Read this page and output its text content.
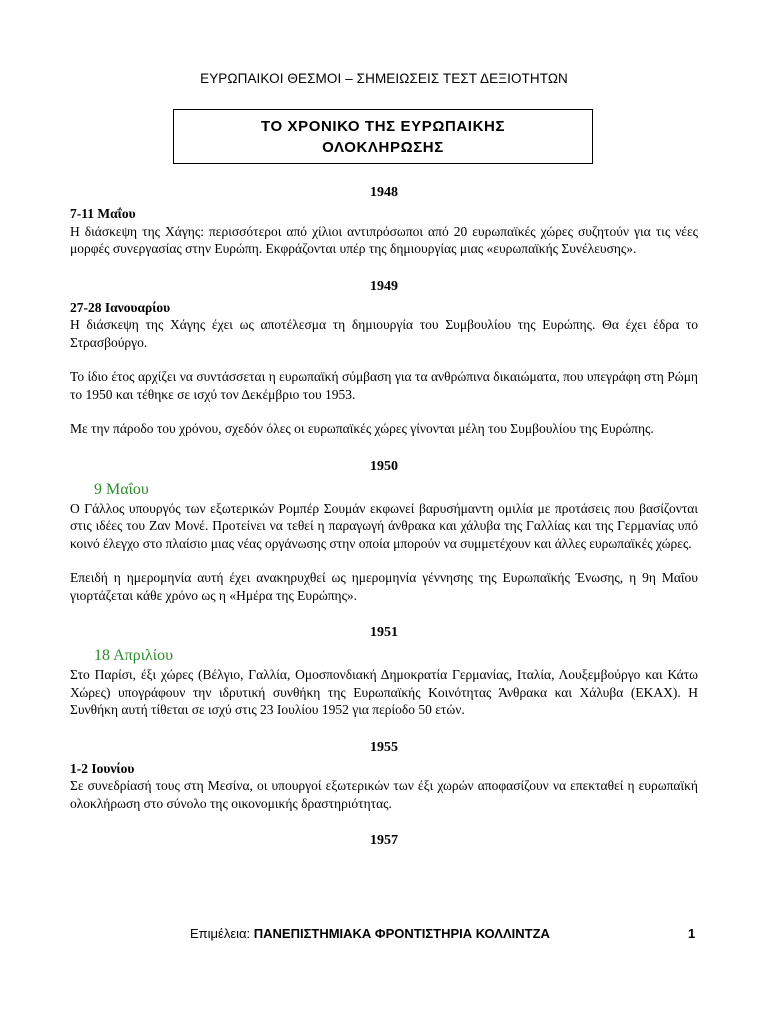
ΕΥΡΩΠΑΙΚΟΙ ΘΕΣΜΟΙ – ΣΗΜΕΙΩΣΕΙΣ ΤΕΣΤ ΔΕΞΙΟΤΗΤΩΝ
ΤΟ ΧΡΟΝΙΚΟ ΤΗΣ ΕΥΡΩΠΑΙΚΗΣ
ΟΛΟΚΛΗΡΩΣΗΣ
1948
7-11 Μαΐου

Η διάσκεψη της Χάγης: περισσότεροι από χίλιοι αντιπρόσωποι από 20 ευρωπαϊκές χώρες συζητούν για τις νέες μορφές συνεργασίας στην Ευρώπη. Εκφράζονται υπέρ της δημιουργίας μιας «ευρωπαϊκής Συνέλευσης».

1949
27-28 Ιανουαρίου

Η διάσκεψη της Χάγης έχει ως αποτέλεσμα τη δημιουργία του Συμβουλίου της Ευρώπης. Θα έχει έδρα το Στρασβούργο.

Το ίδιο έτος αρχίζει να συντάσσεται η ευρωπαϊκή σύμβαση για τα ανθρώπινα δικαιώματα, που υπεγράφη στη Ρώμη το 1950 και τέθηκε σε ισχύ τον Δεκέμβριο του 1953.

Με την πάροδο του χρόνου, σχεδόν όλες οι ευρωπαϊκές χώρες γίνονται μέλη του Συμβουλίου της Ευρώπης.

1950
9 Μαΐου

Ο Γάλλος υπουργός των εξωτερικών Ρομπέρ Σουμάν εκφωνεί βαρυσήμαντη ομιλία με προτάσεις που βασίζονται στις ιδέες του Ζαν Μονέ. Προτείνει να τεθεί η παραγωγή άνθρακα και χάλυβα της Γαλλίας και της Γερμανίας υπό κοινό έλεγχο στο πλαίσιο μιας νέας οργάνωσης στην οποία μπορούν να συμμετέχουν και άλλες ευρωπαϊκές χώρες.

Επειδή η ημερομηνία αυτή έχει ανακηρυχθεί ως ημερομηνία γέννησης της Ευρωπαϊκής Ένωσης, η 9η Μαΐου γιορτάζεται κάθε χρόνο ως η «Ημέρα της Ευρώπης».

1951
18 Απριλίου

Στο Παρίσι, έξι χώρες (Βέλγιο, Γαλλία, Ομοσπονδιακή Δημοκρατία Γερμανίας, Ιταλία, Λουξεμβούργο και Κάτω Χώρες) υπογράφουν την ιδρυτική συνθήκη της Ευρωπαϊκής Κοινότητας Άνθρακα και Χάλυβα (ΕΚΑΧ). Η Συνθήκη αυτή τίθεται σε ισχύ στις 23 Ιουλίου 1952 για περίοδο 50 ετών.

1955
1-2 Ιουνίου

Σε συνεδρίασή τους στη Μεσίνα, οι υπουργοί εξωτερικών των έξι χωρών αποφασίζουν να επεκταθεί η ευρωπαϊκή ολοκλήρωση στο σύνολο της οικονομικής δραστηριότητας.

1957
Επιμέλεια: ΠΑΝΕΠΙΣΤΗΜΙΑΚΑ ΦΡΟΝΤΙΣΤΗΡΙΑ ΚΟΛΛΙΝΤΖΑ	1
